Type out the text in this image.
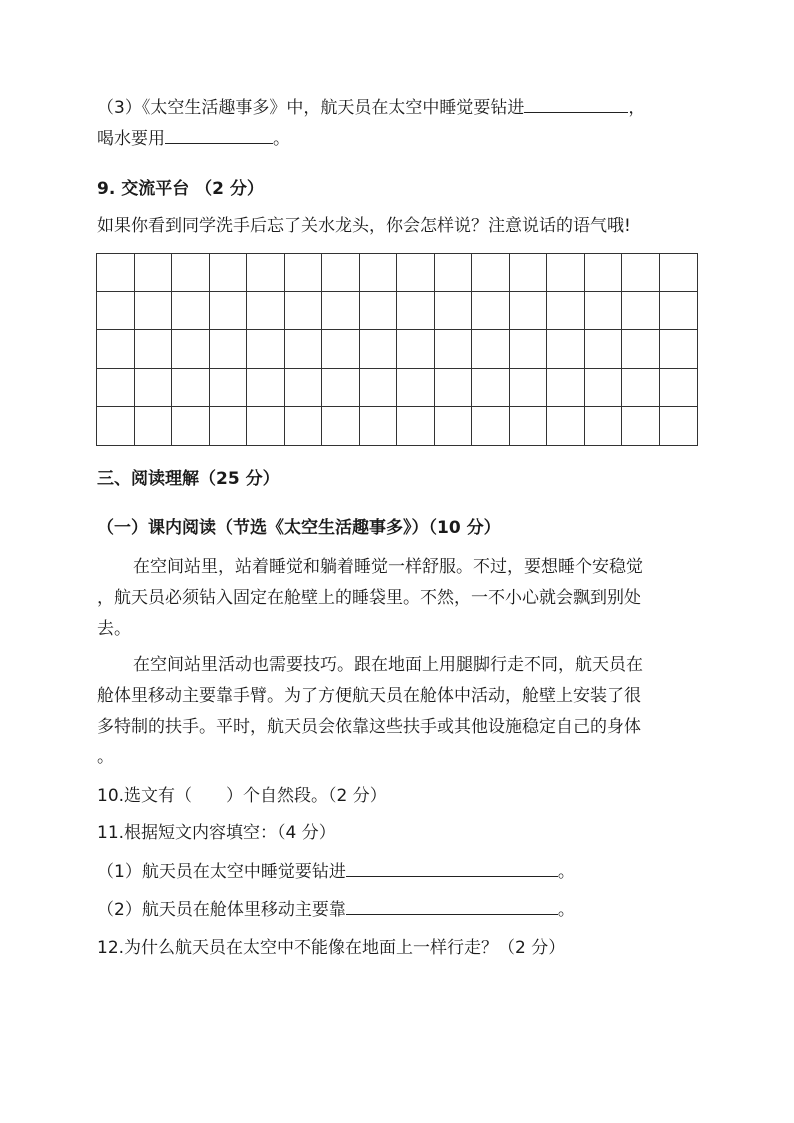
（3）《太空生活趣事多》中，航天员在太空中睡觉要钻进	，
喝水要用	。
9. 交流平台 （2 分）
如果你看到同学洗手后忘了关水龙头，你会怎样说？注意说话的语气哦!
三、阅读理解（25 分）
（一）课内阅读（节选《太空生活趣事多》）（10 分）
在空间站里，站着睡觉和躺着睡觉一样舒服。不过，要想睡个安稳觉
，航天员必须钻入固定在舱壁上的睡袋里。不然，一不小心就会飘到别处
去。
在空间站里活动也需要技巧。跟在地面上用腿脚行走不同，航天员在
舱体里移动主要靠手臂。为了方便航天员在舱体中活动，舱壁上安装了很
多特制的扶手。平时，航天员会依靠这些扶手或其他设施稳定自己的身体
。
10.选文有（　　）个自然段。（2 分）
11.根据短文内容填空：（4 分）
（1）航天员在太空中睡觉要钻进	。
（2）航天员在舱体里移动主要靠	。
12.为什么航天员在太空中不能像在地面上一样行走？（2 分）
